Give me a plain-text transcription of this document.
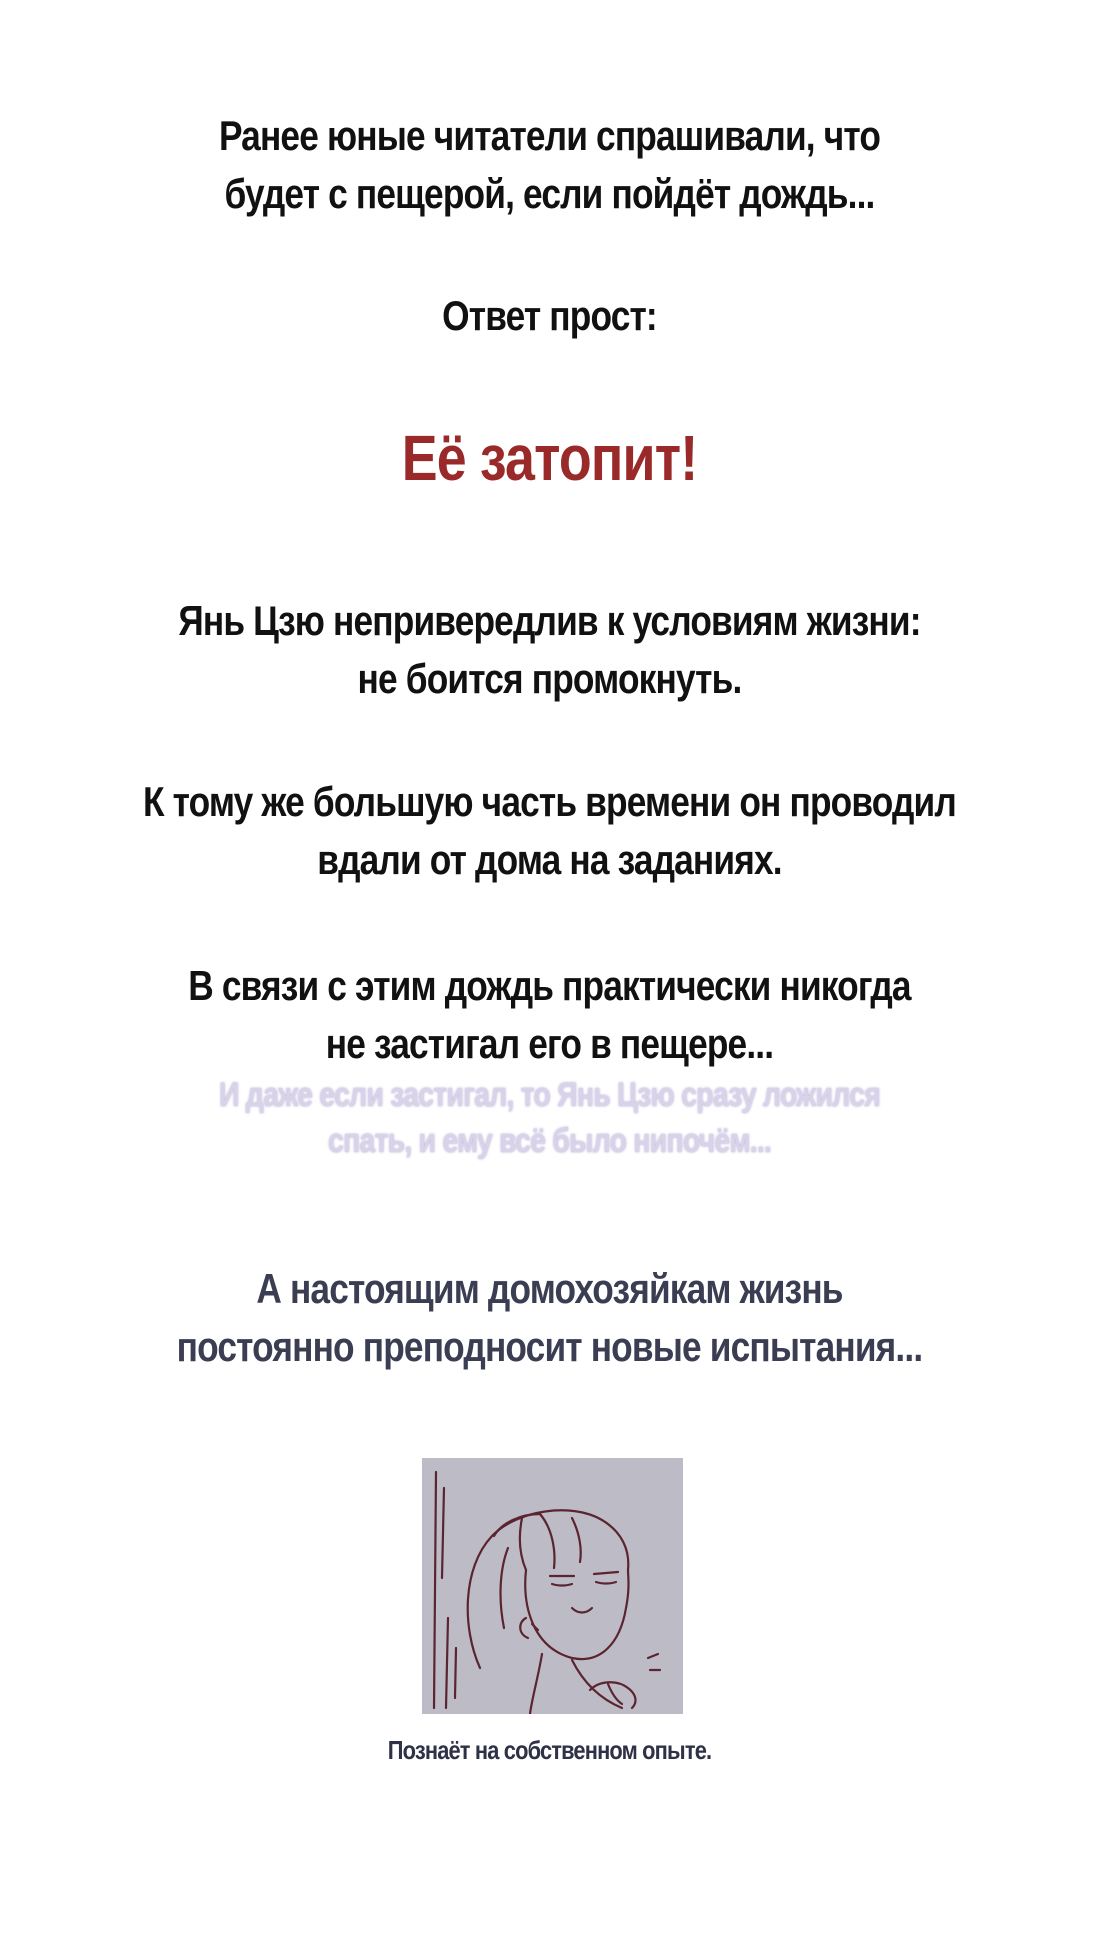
Ранее юные читатели спрашивали, что
будет с пещерой, если пойдёт дождь...
Ответ прост:
Её затопит!
Янь Цзю непривередлив к условиям жизни:
не боится промокнуть.
К тому же большую часть времени он проводил
вдали от дома на заданиях.
В связи с этим дождь практически никогда
не застигал его в пещере...
И даже если застигал, то Янь Цзю сразу ложился
спать, и ему всё было нипочём...
А настоящим домохозяйкам жизнь
постоянно преподносит новые испытания...
Познаёт на собственном опыте.
